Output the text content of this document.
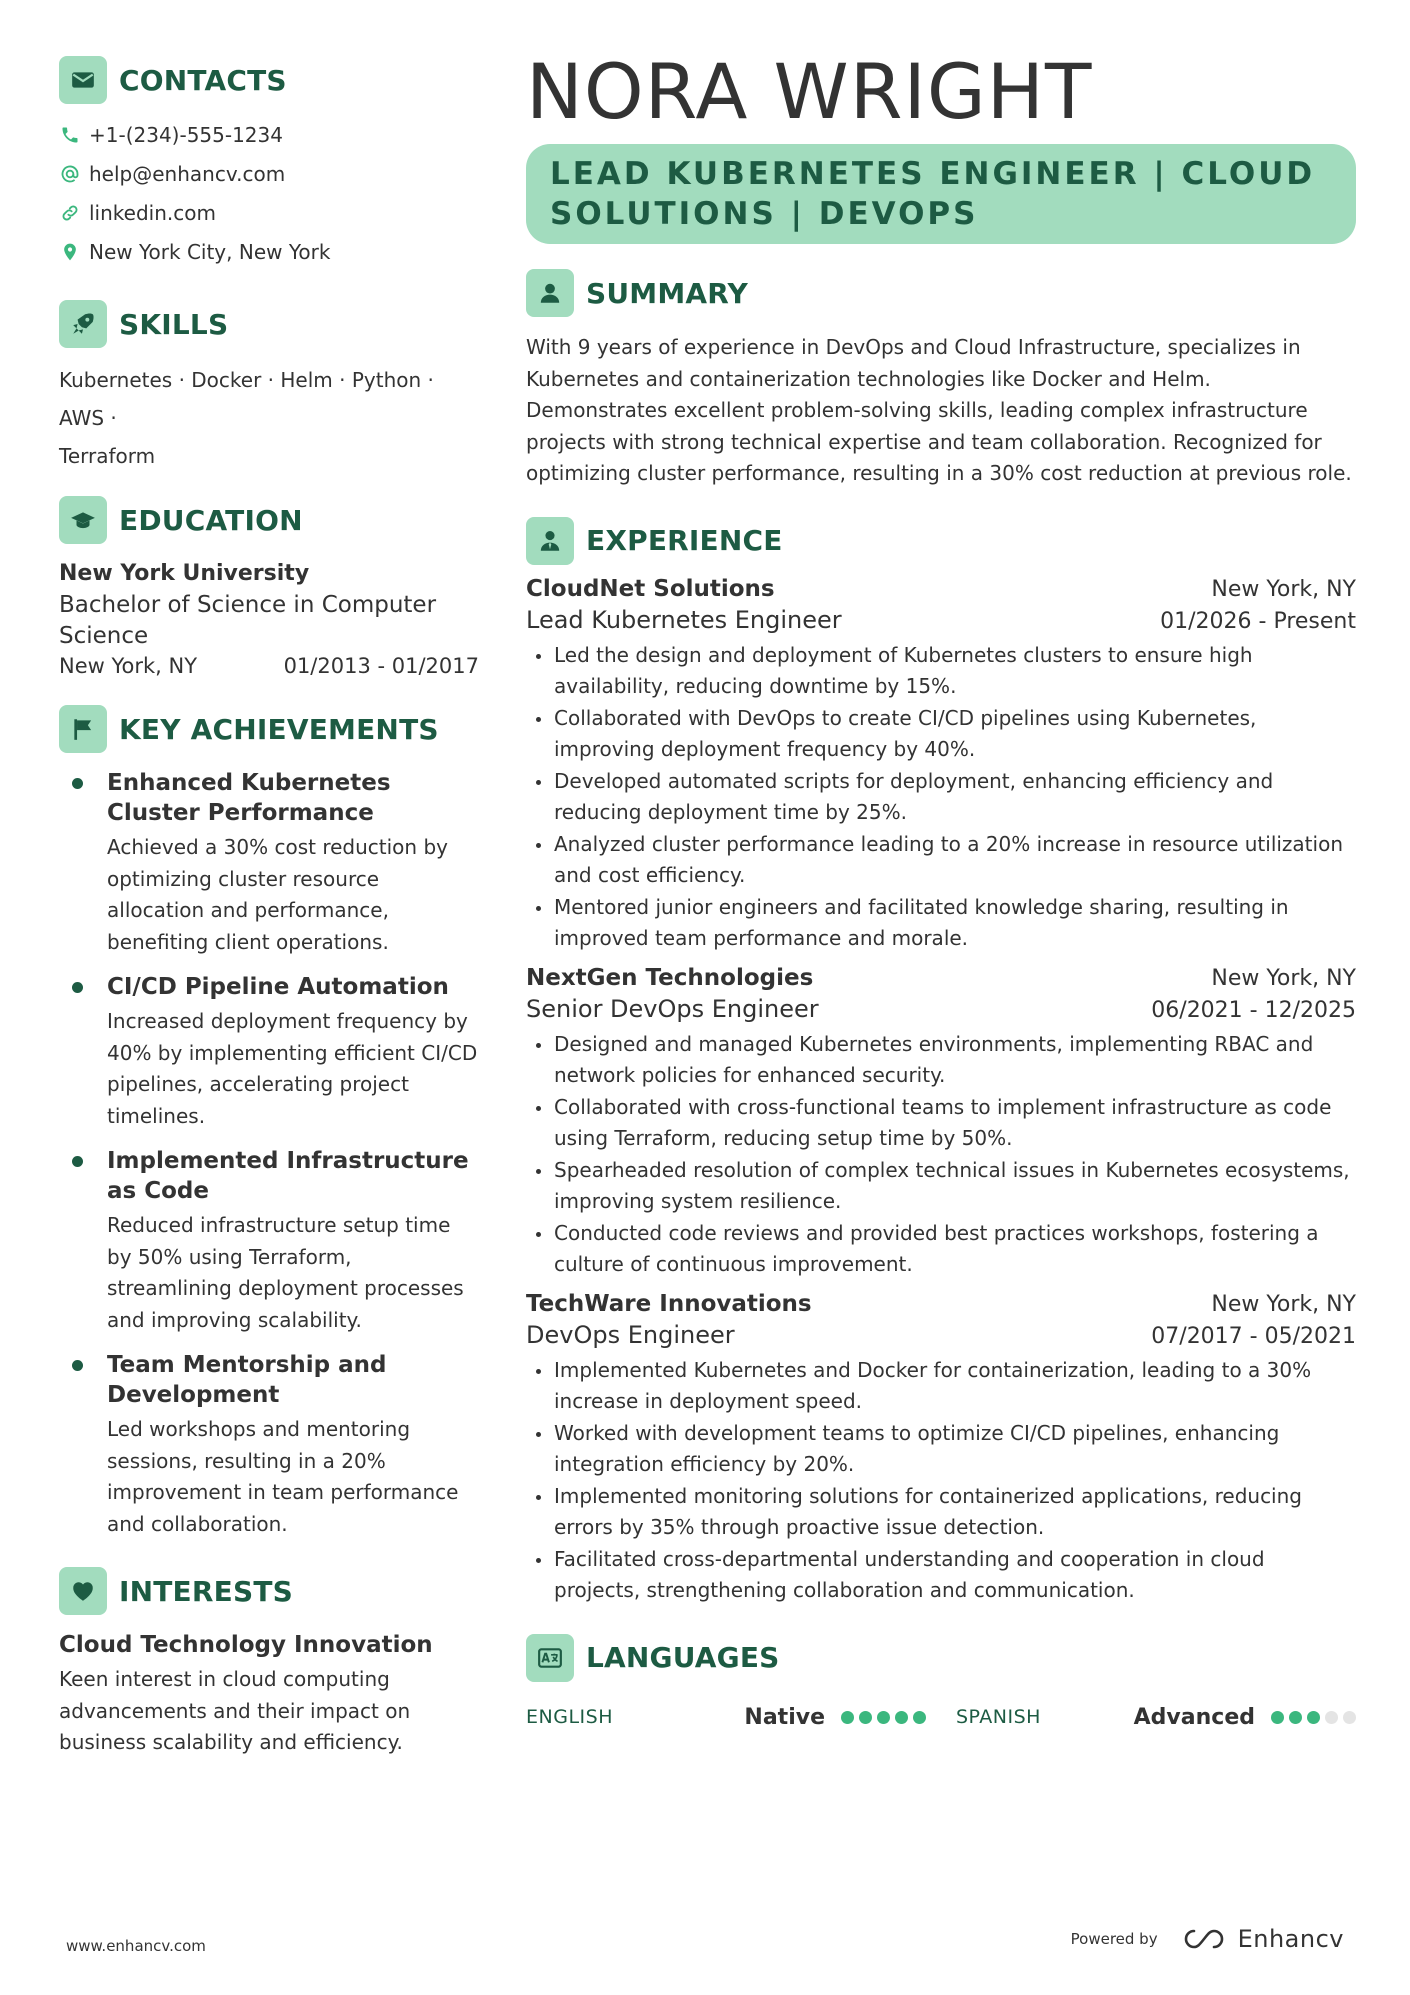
CONTACTS
+1-(234)-555-1234
help@enhancv.com
linkedin.com
New York City, New York
SKILLS
Kubernetes · Docker · Helm · Python · AWS ·
Terraform
EDUCATION
New York University
Bachelor of Science in Computer Science
New York, NY	01/2013 - 01/2017
KEY ACHIEVEMENTS
Enhanced Kubernetes Cluster Performance
Achieved a 30% cost reduction by optimizing cluster resource allocation and performance, benefiting client operations.
CI/CD Pipeline Automation
Increased deployment frequency by 40% by implementing efficient CI/CD pipelines, accelerating project timelines.
Implemented Infrastructure as Code
Reduced infrastructure setup time by 50% using Terraform, streamlining deployment processes and improving scalability.
Team Mentorship and Development
Led workshops and mentoring sessions, resulting in a 20% improvement in team performance and collaboration.
INTERESTS
Cloud Technology Innovation
Keen interest in cloud computing advancements and their impact on business scalability and efficiency.
NORA WRIGHT
LEAD KUBERNETES ENGINEER | CLOUD SOLUTIONS | DEVOPS
SUMMARY
With 9 years of experience in DevOps and Cloud Infrastructure, specializes in Kubernetes and containerization technologies like Docker and Helm. Demonstrates excellent problem-solving skills, leading complex infrastructure projects with strong technical expertise and team collaboration. Recognized for optimizing cluster performance, resulting in a 30% cost reduction at previous role.
EXPERIENCE
CloudNet Solutions	New York, NY
Lead Kubernetes Engineer	01/2026 - Present
Led the design and deployment of Kubernetes clusters to ensure high availability, reducing downtime by 15%.
Collaborated with DevOps to create CI/CD pipelines using Kubernetes, improving deployment frequency by 40%.
Developed automated scripts for deployment, enhancing efficiency and reducing deployment time by 25%.
Analyzed cluster performance leading to a 20% increase in resource utilization and cost efficiency.
Mentored junior engineers and facilitated knowledge sharing, resulting in improved team performance and morale.
NextGen Technologies	New York, NY
Senior DevOps Engineer	06/2021 - 12/2025
Designed and managed Kubernetes environments, implementing RBAC and network policies for enhanced security.
Collaborated with cross-functional teams to implement infrastructure as code using Terraform, reducing setup time by 50%.
Spearheaded resolution of complex technical issues in Kubernetes ecosystems, improving system resilience.
Conducted code reviews and provided best practices workshops, fostering a culture of continuous improvement.
TechWare Innovations	New York, NY
DevOps Engineer	07/2017 - 05/2021
Implemented Kubernetes and Docker for containerization, leading to a 30% increase in deployment speed.
Worked with development teams to optimize CI/CD pipelines, enhancing integration efficiency by 20%.
Implemented monitoring solutions for containerized applications, reducing errors by 35% through proactive issue detection.
Facilitated cross-departmental understanding and cooperation in cloud projects, strengthening collaboration and communication.
LANGUAGES
ENGLISH	Native	SPANISH	Advanced
www.enhancv.com	Powered by	Enhancv
